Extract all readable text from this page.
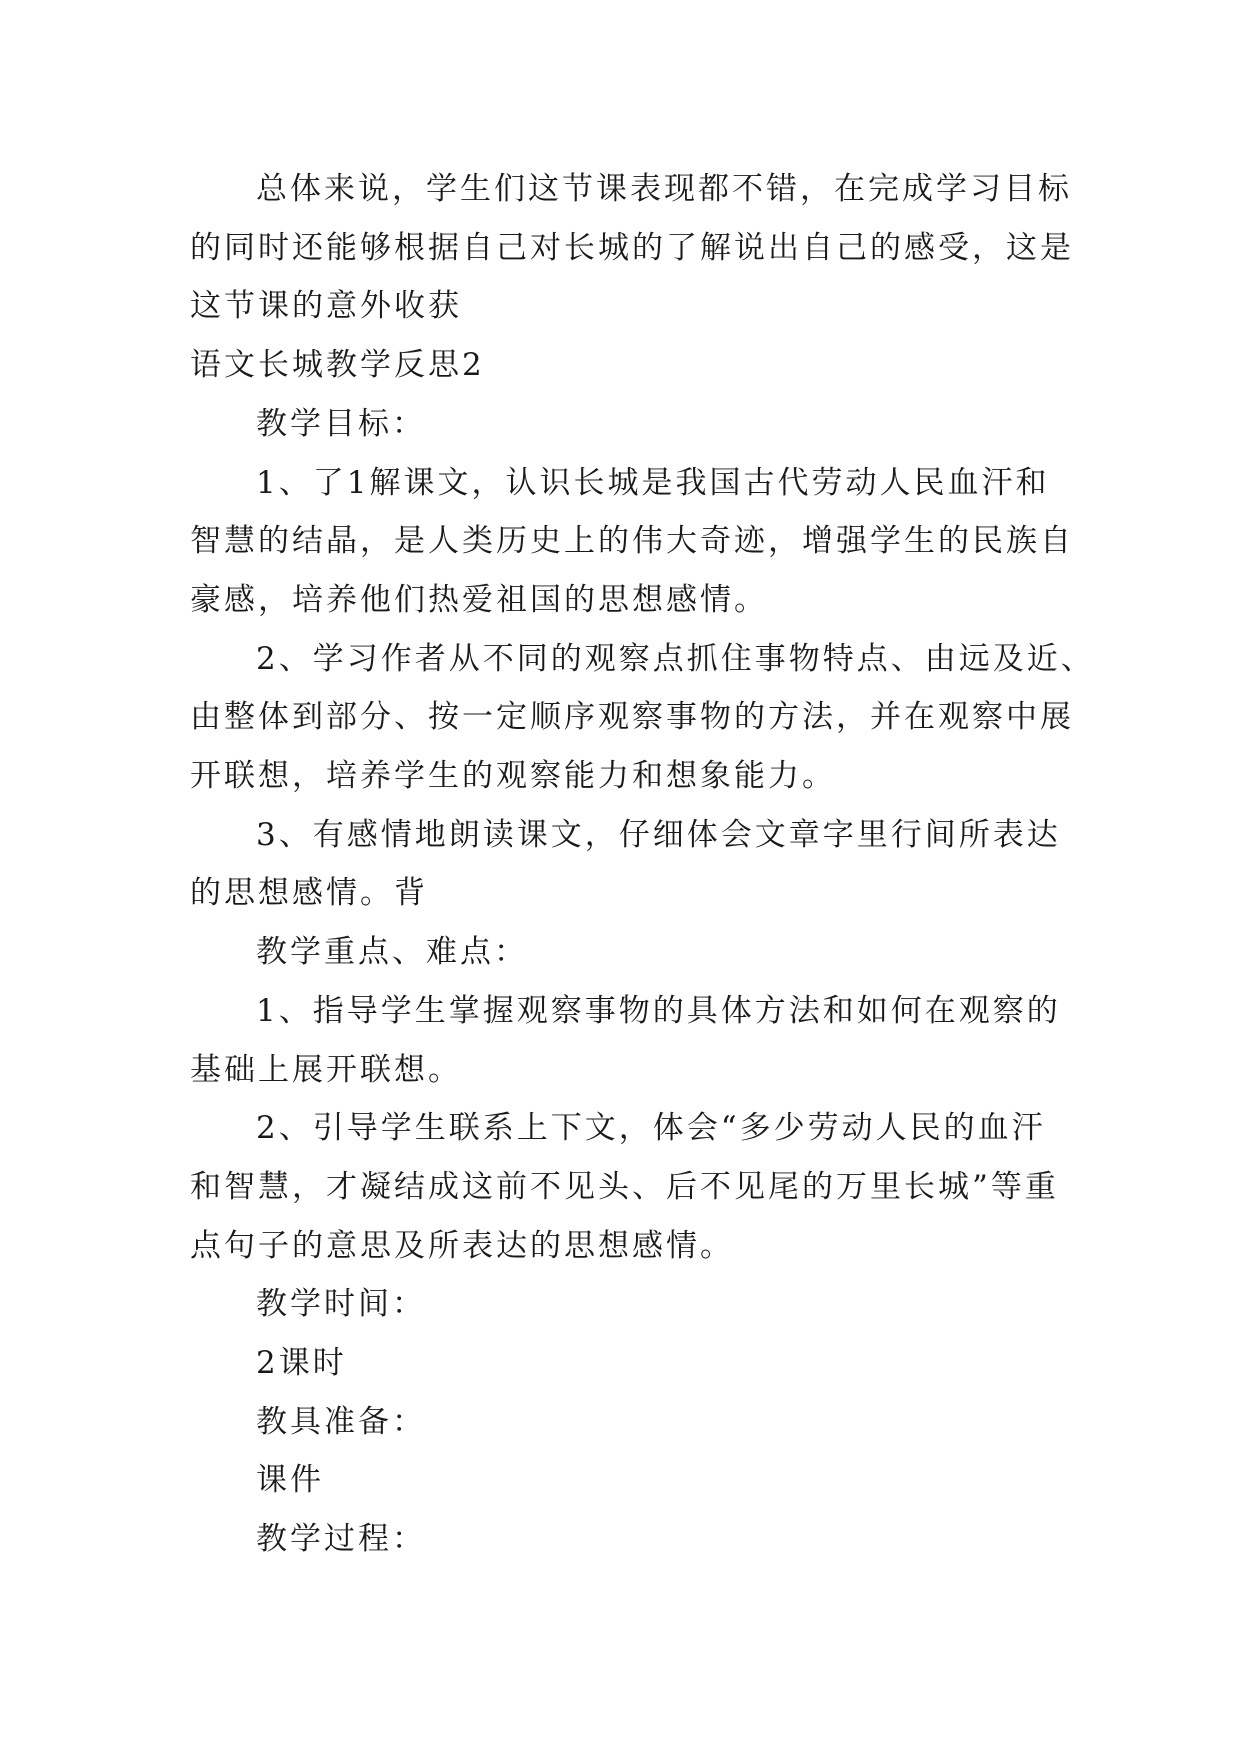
总体来说，学生们这节课表现都不错，在完成学习目标

的同时还能够根据自己对长城的了解说出自己的感受，这是

这节课的意外收获

语文长城教学反思2

教学目标：

1、了1解课文，认识长城是我国古代劳动人民血汗和

智慧的结晶，是人类历史上的伟大奇迹，增强学生的民族自

豪感，培养他们热爱祖国的思想感情。

2、学习作者从不同的观察点抓住事物特点、由远及近、

由整体到部分、按一定顺序观察事物的方法，并在观察中展

开联想，培养学生的观察能力和想象能力。

3、有感情地朗读课文，仔细体会文章字里行间所表达

的思想感情。背

教学重点、难点：

1、指导学生掌握观察事物的具体方法和如何在观察的

基础上展开联想。

2、引导学生联系上下文，体会“多少劳动人民的血汗

和智慧，才凝结成这前不见头、后不见尾的万里长城”等重

点句子的意思及所表达的思想感情。

教学时间：

2课时

教具准备：

课件

教学过程：
